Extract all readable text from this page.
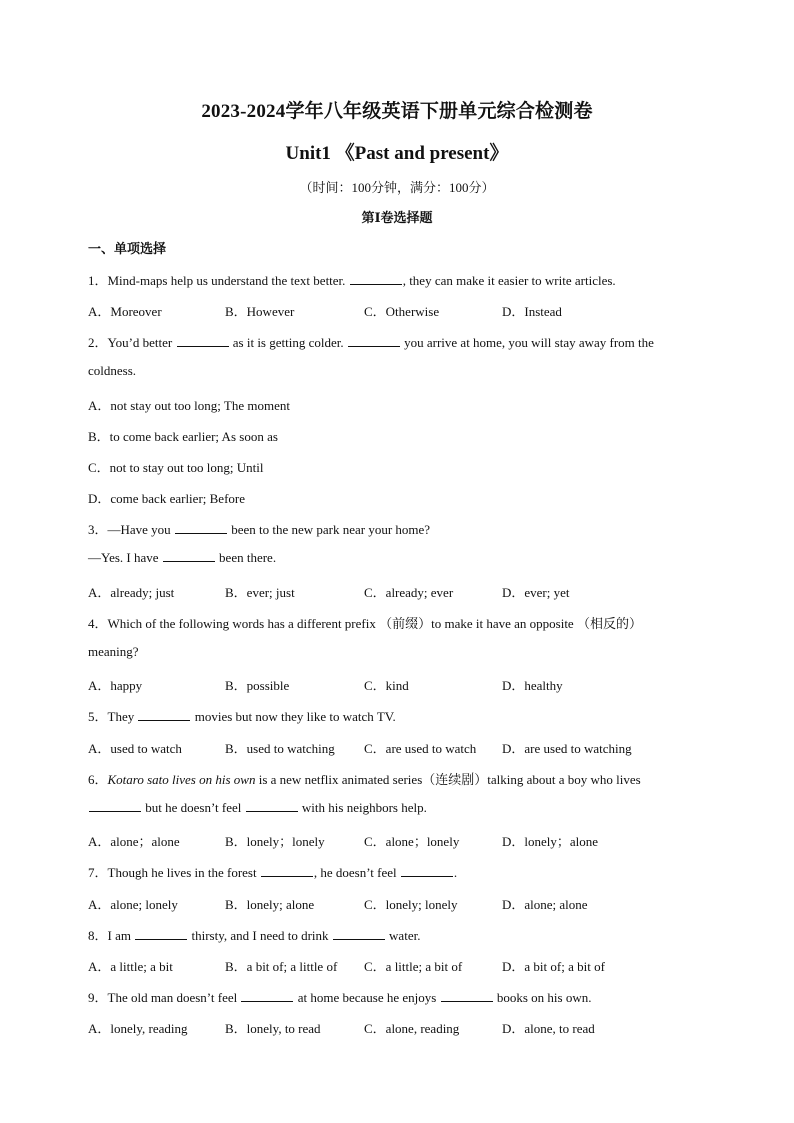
2023-2024学年八年级英语下册单元综合检测卷
Unit1 《Past and present》
（时间：100分钟，满分：100分）
第Ⅰ卷选择题
一、单项选择
1．Mind-maps help us understand the text better.	, they can make it easier to write articles.
A．Moreover	B．However	C．Otherwise	D．Instead
2．You’d better	as it is getting colder.	you arrive at home, you will stay away from the
coldness.
A．not stay out too long; The moment
B．to come back earlier; As soon as
C．not to stay out too long; Until
D．come back earlier; Before
3．—Have you	been to the new park near your home?
—Yes. I have	been there.
A．already; just	B．ever; just	C．already; ever	D．ever; yet
4．Which of the following words has a different prefix （前缀）to make it have an opposite （相反的）
meaning?
A．happy	B．possible	C．kind	D．healthy
5．They	movies but now they like to watch TV.
A．used to watch	B．used to watching C．are used to watch D．are used to watching
6．Kotaro sato lives on his own is a new netflix animated series（连续剧）talking about a boy who lives
but he doesn’t feel	with his neighbors help.
A．alone；alone	B．lonely；lonely	C．alone；lonely	D．lonely；alone
7．Though he lives in the forest	, he doesn’t feel	.
A．alone; lonely	B．lonely; alone	C．lonely; lonely	D．alone; alone
8．I am	thirsty, and I need to drink	water.
A．a little; a bit	B．a bit of; a little of C．a little; a bit of	D．a bit of; a bit of
9．The old man doesn’t feel	at home because he enjoys	books on his own.
A．lonely, reading	B．lonely, to read	C．alone, reading	D．alone, to read
